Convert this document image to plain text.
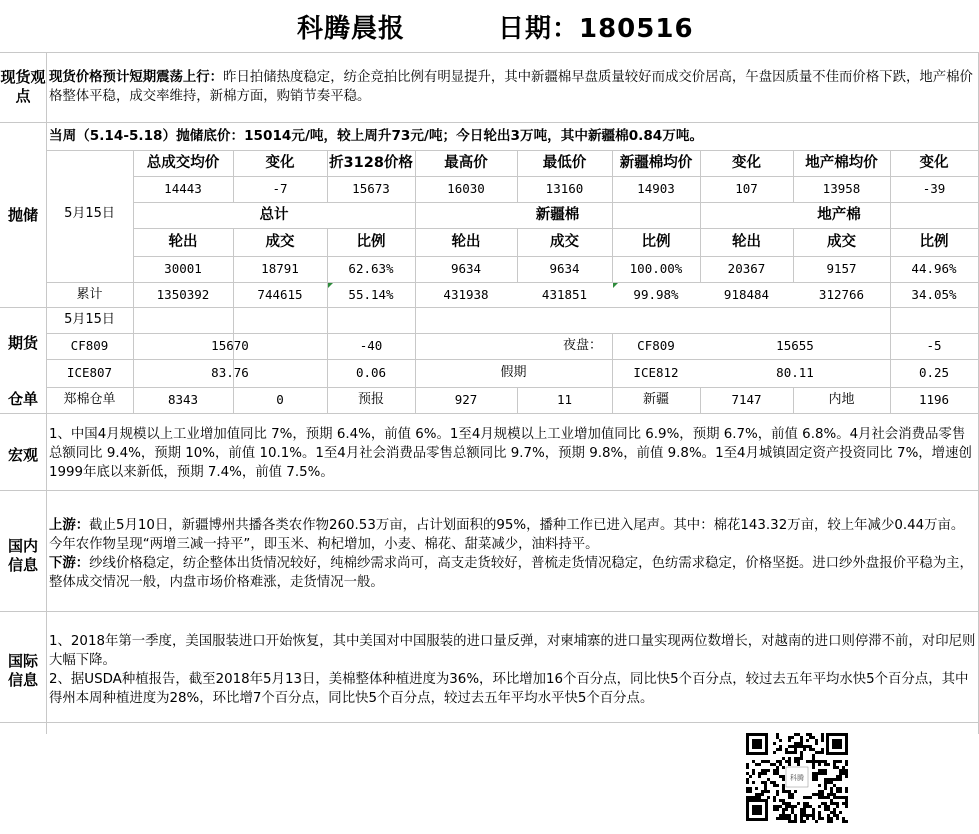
科腾晨报	日期：180516
现货观点
现货价格预计短期震荡上行：昨日拍储热度稳定，纺企竞拍比例有明显提升，其中新疆棉早盘质量较好而成交价居高，午盘因质量不佳而价格下跌，地产棉价格整体平稳，成交率维持，新棉方面，购销节奏平稳。
抛储
当周（5.14-5.18）抛储底价：15014元/吨，较上周升73元/吨；今日轮出3万吨，其中新疆棉0.84万吨。
5月15日
总成交均价	变化	折3128价格	最高价	最低价	新疆棉均价	变化	地产棉均价	变化
14443	-7	15673	16030	13160	14903	107	13958	-39
总计	新疆棉	地产棉
轮出	成交	比例	轮出	成交	比例	轮出	成交	比例
30001	18791	62.63%	9634	9634	100.00%	20367	9157	44.96%
累计	1350392	744615	55.14%	431938	431851	99.98%	918484	312766	34.05%
期货
5月15日
CF809	15670	-40	夜盘：	CF809	15655	-5
ICE807	83.76	0.06	假期	ICE812	80.11	0.25
仓单	郑棉仓单	8343	0	预报	927	11	新疆	7147	内地	1196
宏观
1、中国4月规模以上工业增加值同比 7%，预期 6.4%，前值 6%。1至4月规模以上工业增加值同比 6.9%，预期 6.7%，前值 6.8%。4月社会消费品零售总额同比 9.4%，预期 10%，前值 10.1%。1至4月社会消费品零售总额同比 9.7%，预期 9.8%，前值 9.8%。1至4月城镇固定资产投资同比 7%，增速创1999年底以来新低，预期 7.4%，前值 7.5%。
国内信息
上游：截止5月10日，新疆博州共播各类农作物260.53万亩，占计划面积的95%，播种工作已进入尾声。其中：棉花143.32万亩，较上年减少0.44万亩。今年农作物呈现“两增三减一持平”，即玉米、枸杞增加，小麦、棉花、甜菜减少，油料持平。
下游：纱线价格稳定，纺企整体出货情况较好，纯棉纱需求尚可，高支走货较好，普梳走货情况稳定，色纺需求稳定，价格坚挺。进口纱外盘报价平稳为主，整体成交情况一般，内盘市场价格难涨，走货情况一般。
国际信息
1、2018年第一季度，美国服装进口开始恢复，其中美国对中国服装的进口量反弹，对柬埔寨的进口量实现两位数增长，对越南的进口则停滞不前，对印尼则大幅下降。
2、据USDA种植报告，截至2018年5月13日，美棉整体种植进度为36%，环比增加16个百分点，同比快5个百分点，较过去五年平均水快5个百分点，其中得州本周种植进度为28%，环比增7个百分点，同比快5个百分点，较过去五年平均水平快5个百分点。
科腾
